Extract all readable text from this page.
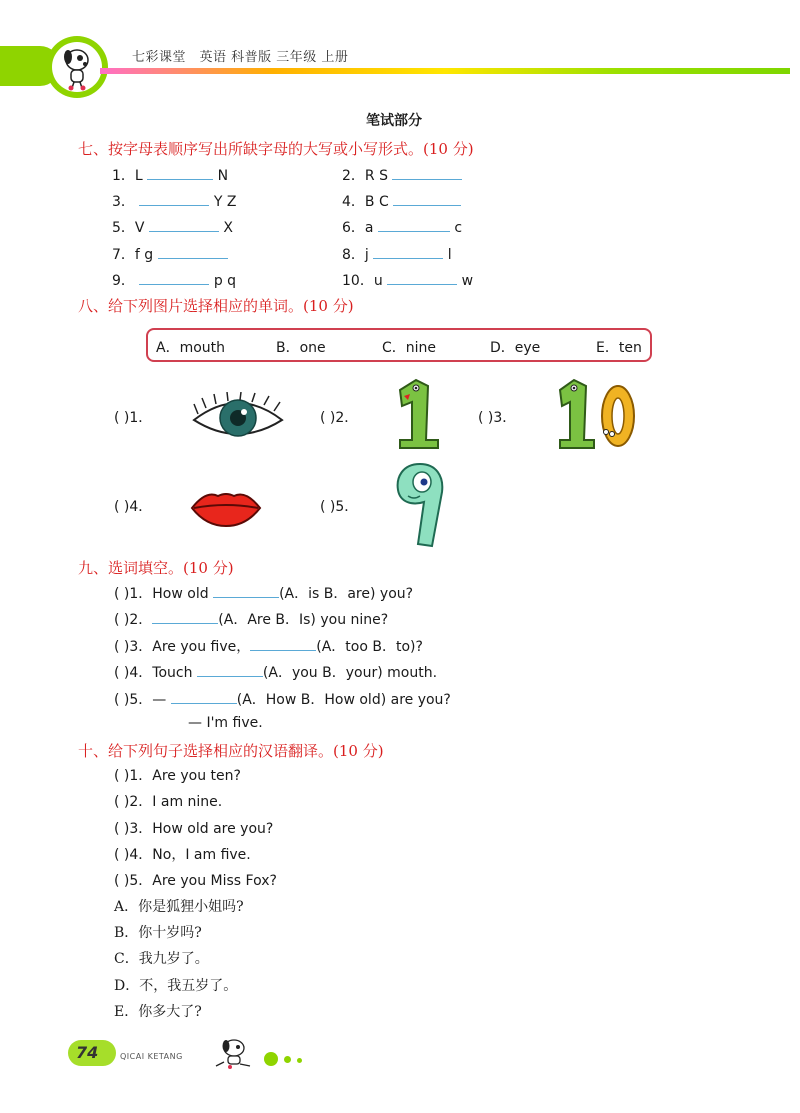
七彩课堂　英语 科普版 三年级 上册
笔试部分
七、按字母表顺序写出所缺字母的大写或小写形式。(10 分)
1．L	N	2．R S
3．	Y Z	4．B C
5．V	X	6．a	c
7．f g	8．j	l
9．	p q	10．u	w
八、给下列图片选择相应的单词。(10 分)
A．mouth	B．one	C．nine	D．eye	E．ten
( )1．	( )2．	( )3．
( )4．	( )5．
九、选词填空。(10 分)
( )1．How old	(A．is B．are) you?
( )2．	(A．Are B．Is) you nine?
( )3．Are you five，	(A．too B．to)?
( )4．Touch	(A．you B．your) mouth.
( )5．—	(A．How B．How old) are you?
— I'm five.
十、给下列句子选择相应的汉语翻译。(10 分)
( )1．Are you ten?
( )2．I am nine.
( )3．How old are you?
( )4．No，I am five.
( )5．Are you Miss Fox?
A．你是狐狸小姐吗?
B．你十岁吗?
C．我九岁了。
D．不，我五岁了。
E．你多大了?
74	QICAI KETANG
